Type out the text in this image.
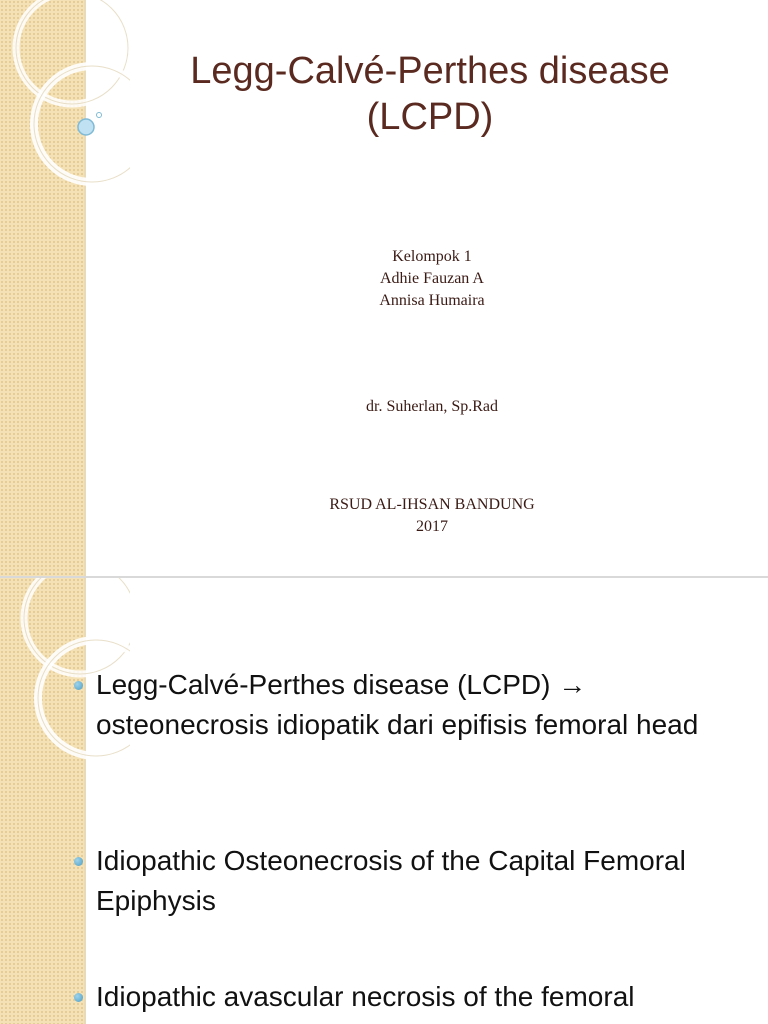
Legg-Calvé-Perthes disease
(LCPD)
Kelompok 1
Adhie Fauzan A
Annisa Humaira
dr. Suherlan, Sp.Rad
RSUD AL-IHSAN BANDUNG
2017
Legg-Calvé-Perthes disease (LCPD) → osteonecrosis idiopatik dari epifisis femoral head
Idiopathic Osteonecrosis of the Capital Femoral Epiphysis
Idiopathic avascular necrosis of the femoral
